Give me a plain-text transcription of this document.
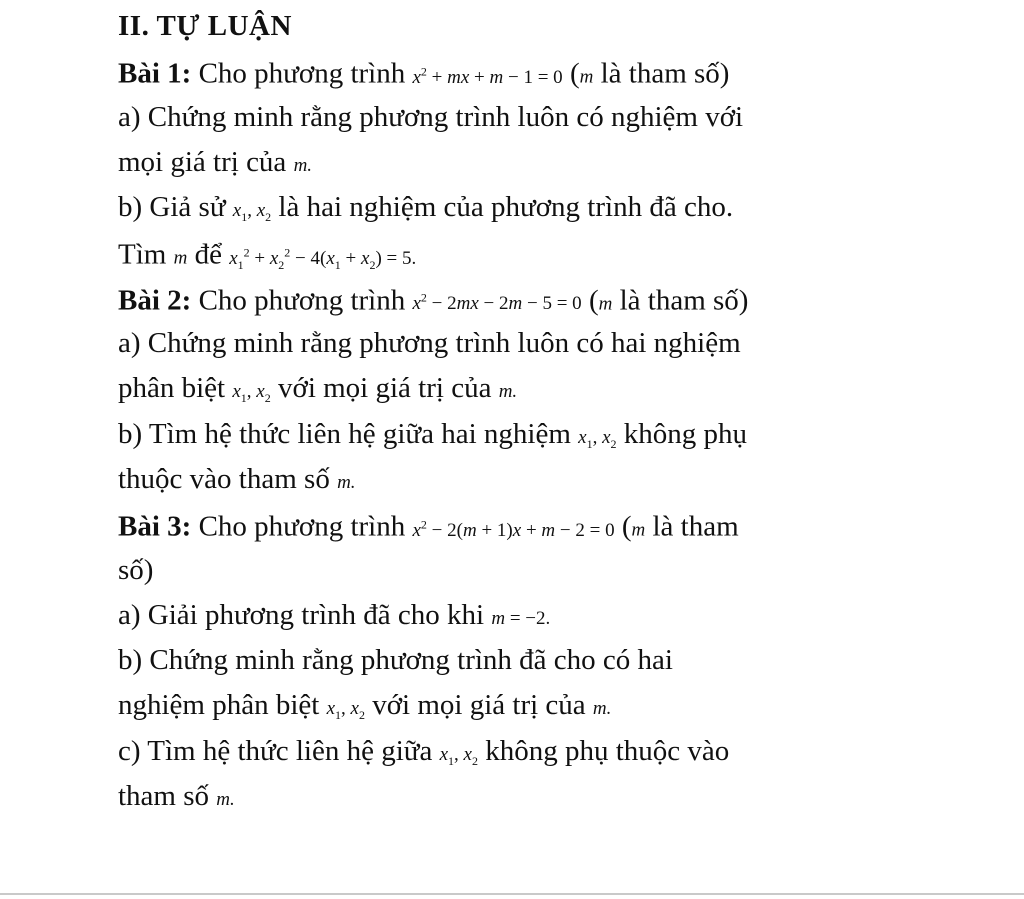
II. TỰ LUẬN
Bài 1: Cho phương trình $x^2$ + mx + m − 1 = 0 (m là tham số)
a) Chứng minh rằng phương trình luôn có nghiệm với
mọi giá trị của m.
b) Giả sử $x_1$, $x_2$ là hai nghiệm của phương trình đã cho.
Tìm m để $x_1^2 + x_2^2 - 4(x_1 + x_2) = 5$.
Bài 2: Cho phương trình $x^2 - 2mx - 2m - 5 = 0$ (m là tham số)
a) Chứng minh rằng phương trình luôn có hai nghiệm
phân biệt $x_1$, $x_2$ với mọi giá trị của m.
b) Tìm hệ thức liên hệ giữa hai nghiệm $x_1$, $x_2$ không phụ
thuộc vào tham số m.
Bài 3: Cho phương trình $x^2 - 2(m + 1)x + m - 2 = 0$ (m là tham
số)
a) Giải phương trình đã cho khi m = −2.
b) Chứng minh rằng phương trình đã cho có hai
nghiệm phân biệt $x_1$, $x_2$ với mọi giá trị của m.
c) Tìm hệ thức liên hệ giữa $x_1$, $x_2$ không phụ thuộc vào
tham số m.
